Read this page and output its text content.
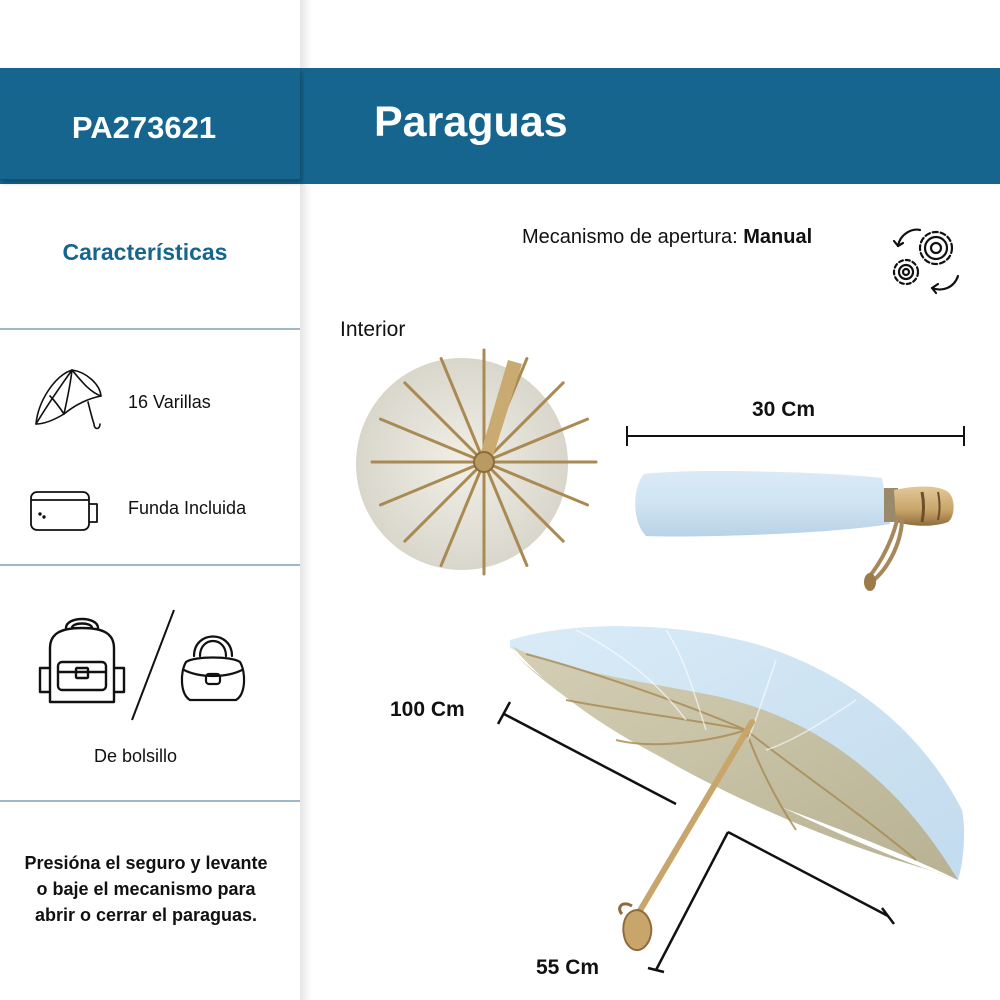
PA273621	Paraguas
Características
16 Varillas
Funda Incluida
De bolsillo
Presióna el seguro y levante o baje el mecanismo para abrir o cerrar el paraguas.
Mecanismo de apertura: Manual
Interior
30 Cm
100 Cm
55 Cm
